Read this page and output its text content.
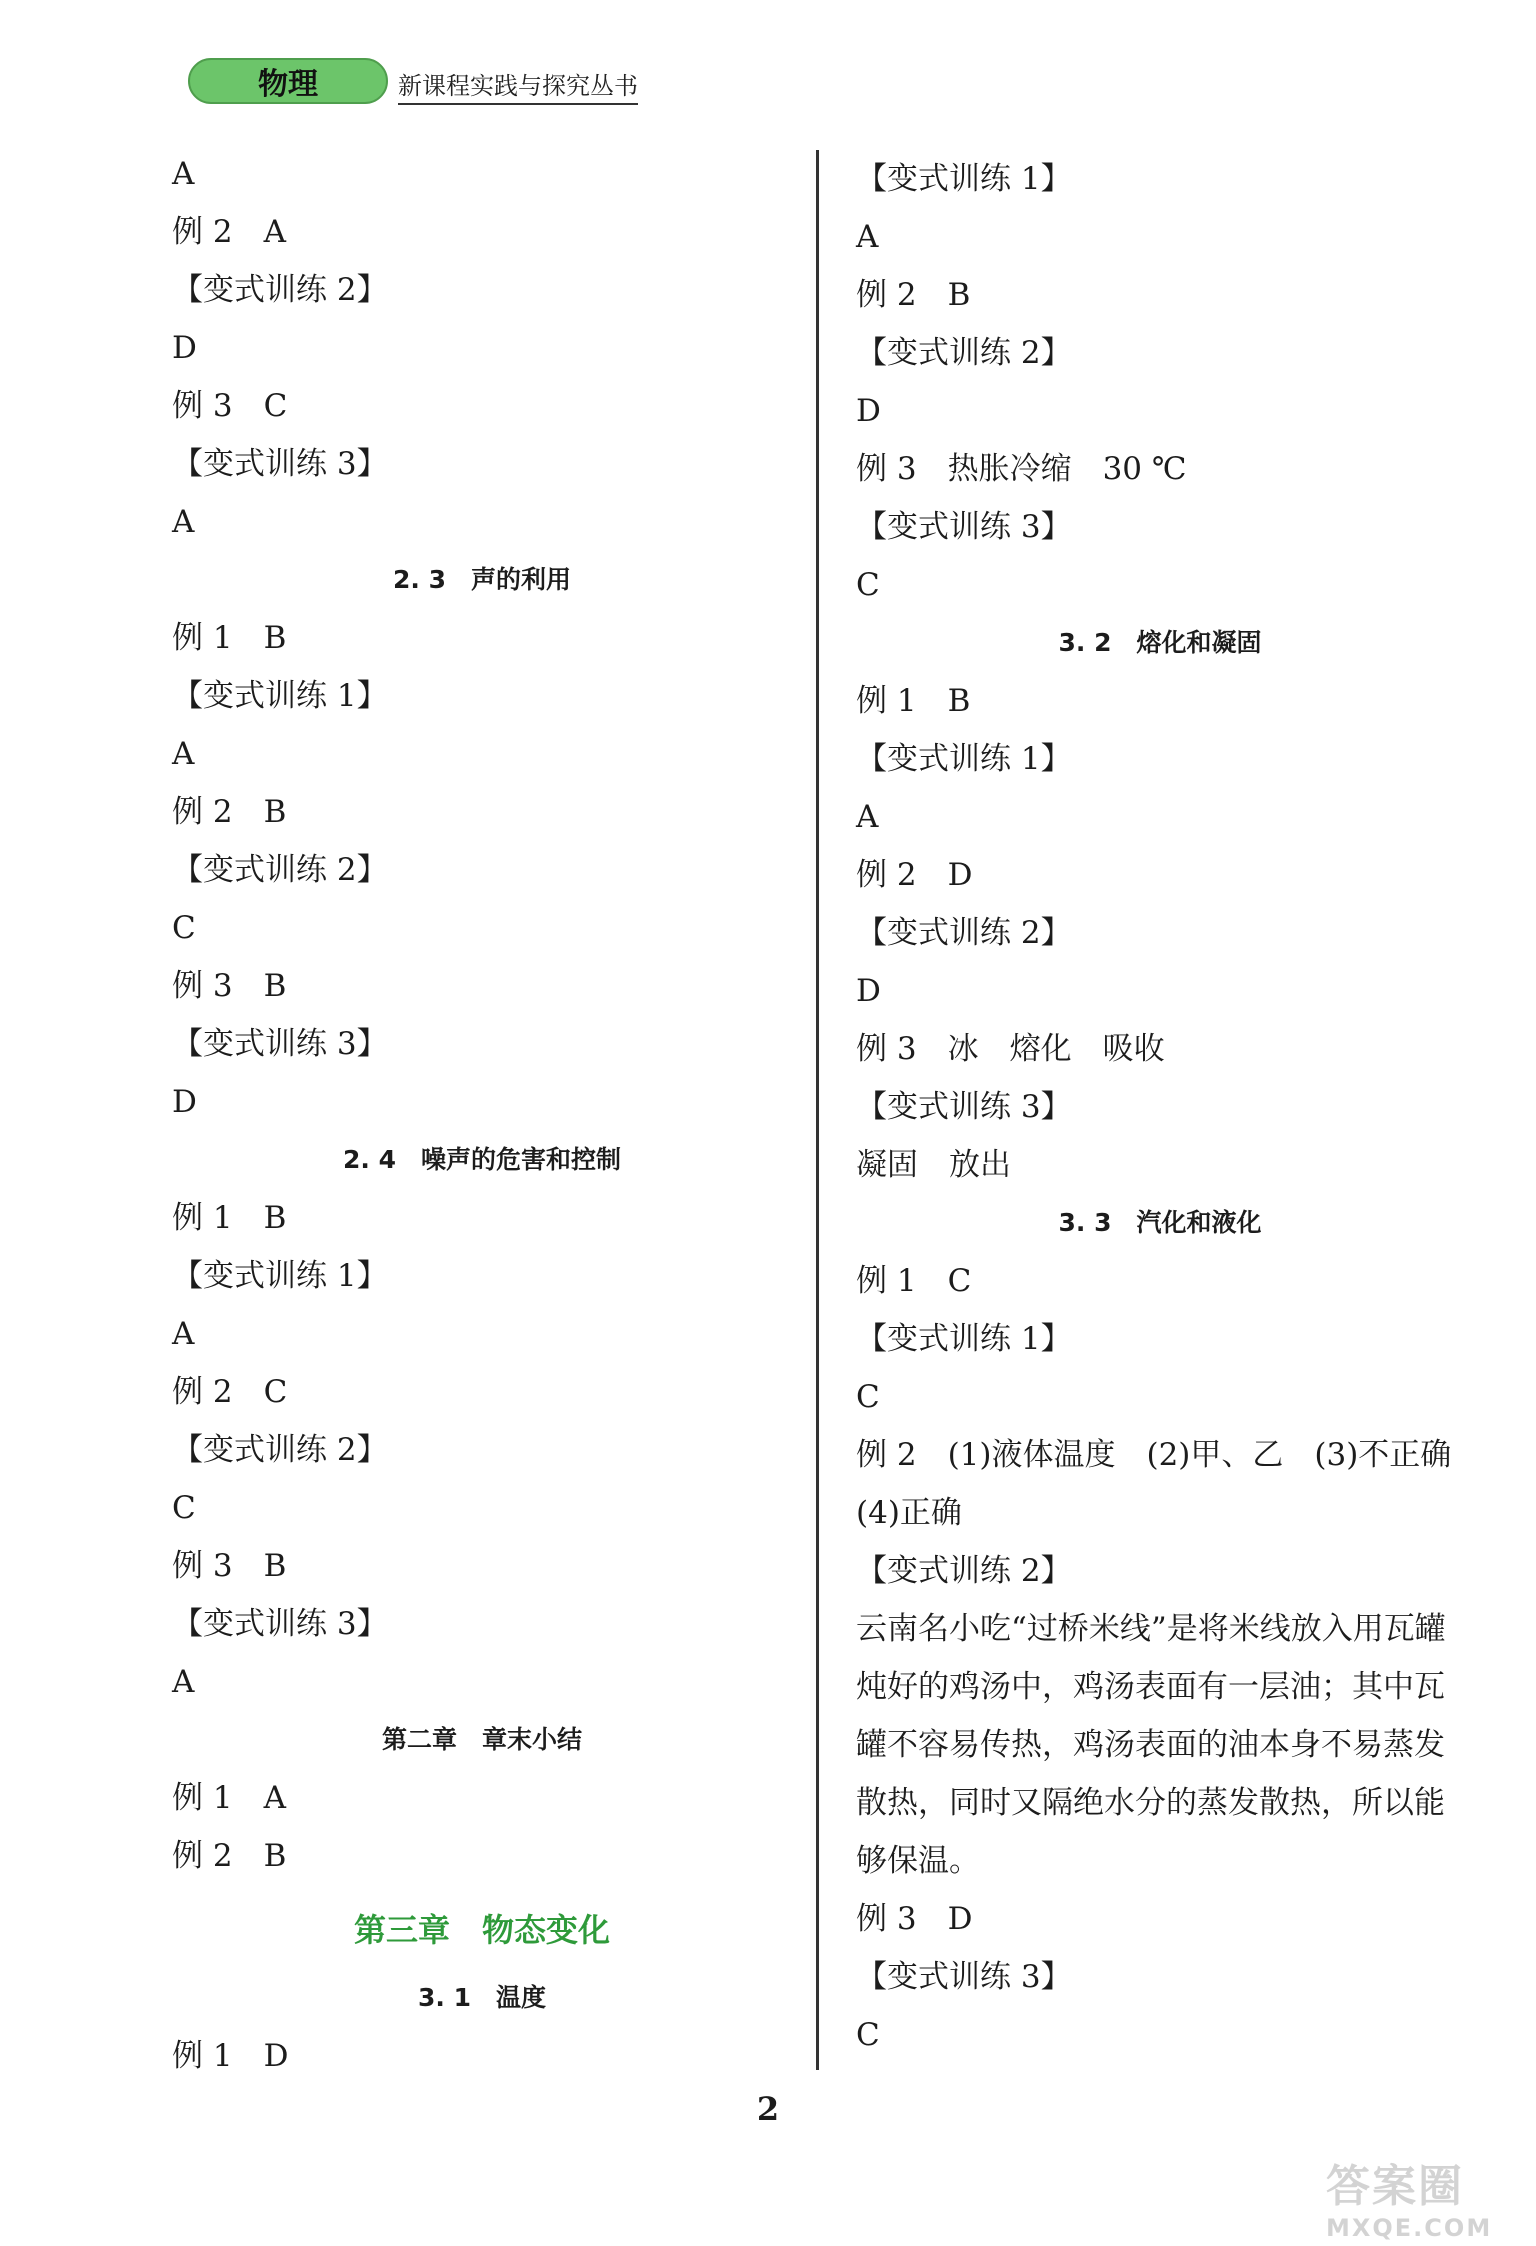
物理	新课程实践与探究丛书
A
例 2　A
【变式训练 2】
D
例 3　C
【变式训练 3】
A
2. 3　声的利用
例 1　B
【变式训练 1】
A
例 2　B
【变式训练 2】
C
例 3　B
【变式训练 3】
D
2. 4　噪声的危害和控制
例 1　B
【变式训练 1】
A
例 2　C
【变式训练 2】
C
例 3　B
【变式训练 3】
A
第二章　章末小结
例 1　A
例 2　B
第三章　物态变化
3. 1　温度
例 1　D
【变式训练 1】
A
例 2　B
【变式训练 2】
D
例 3　热胀冷缩　30 ℃
【变式训练 3】
C
3. 2　熔化和凝固
例 1　B
【变式训练 1】
A
例 2　D
【变式训练 2】
D
例 3　冰　熔化　吸收
【变式训练 3】
凝固　放出
3. 3　汽化和液化
例 1　C
【变式训练 1】
C
例 2　(1)液体温度　(2)甲、乙　(3)不正确
(4)正确
【变式训练 2】
云南名小吃“过桥米线”是将米线放入用瓦罐炖好的鸡汤中，鸡汤表面有一层油；其中瓦罐不容易传热，鸡汤表面的油本身不易蒸发散热，同时又隔绝水分的蒸发散热，所以能够保温。
例 3　D
【变式训练 3】
C
2
答案圈
MXQE.COM
